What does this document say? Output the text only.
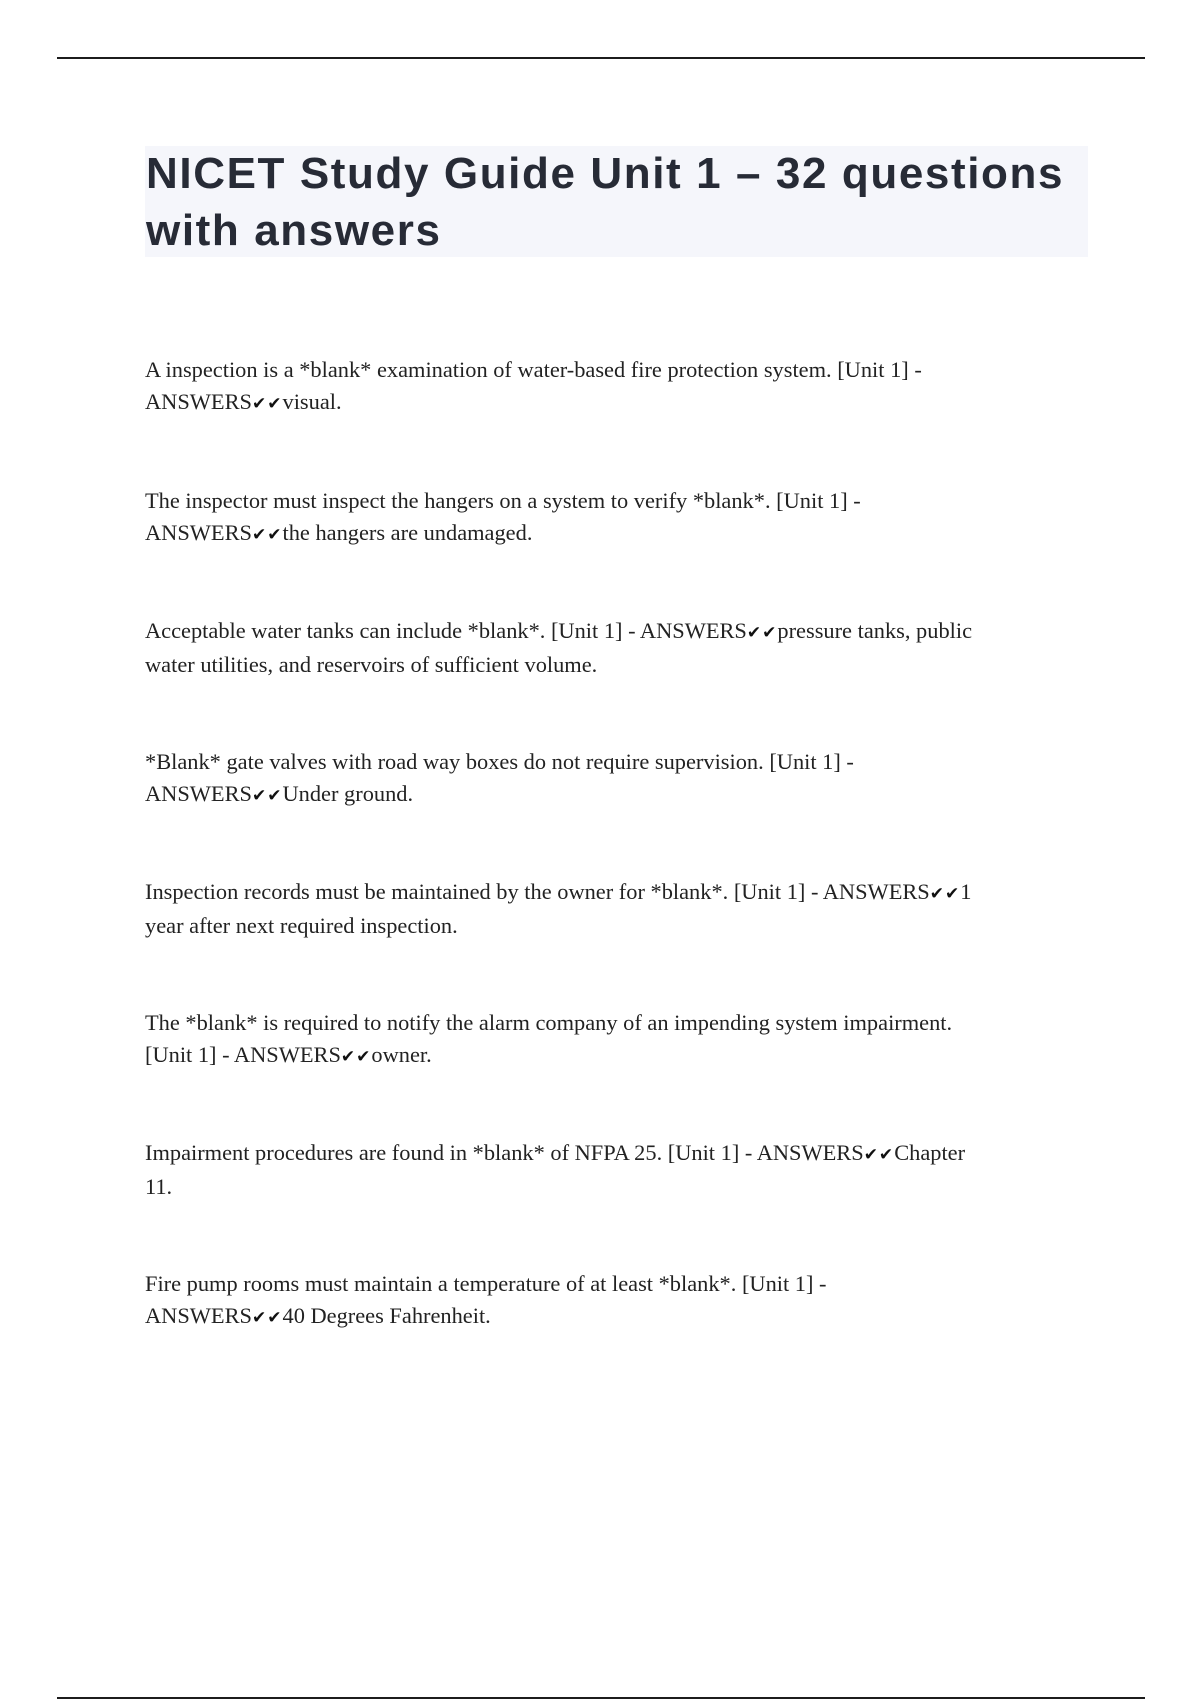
NICET Study Guide Unit 1 – 32 questions
with answers
A inspection is a *blank* examination of water-based fire protection system. [Unit 1] -
ANSWERS✔✔visual.
The inspector must inspect the hangers on a system to verify *blank*. [Unit 1] -
ANSWERS✔✔the hangers are undamaged.
Acceptable water tanks can include *blank*. [Unit 1] - ANSWERS✔✔pressure tanks, public
water utilities, and reservoirs of sufficient volume.
*Blank* gate valves with road way boxes do not require supervision. [Unit 1] -
ANSWERS✔✔Under ground.
Inspection records must be maintained by the owner for *blank*. [Unit 1] - ANSWERS✔✔1
year after next required inspection.
The *blank* is required to notify the alarm company of an impending system impairment.
[Unit 1] - ANSWERS✔✔owner.
Impairment procedures are found in *blank* of NFPA 25. [Unit 1] - ANSWERS✔✔Chapter
11.
Fire pump rooms must maintain a temperature of at least *blank*. [Unit 1] -
ANSWERS✔✔40 Degrees Fahrenheit.
